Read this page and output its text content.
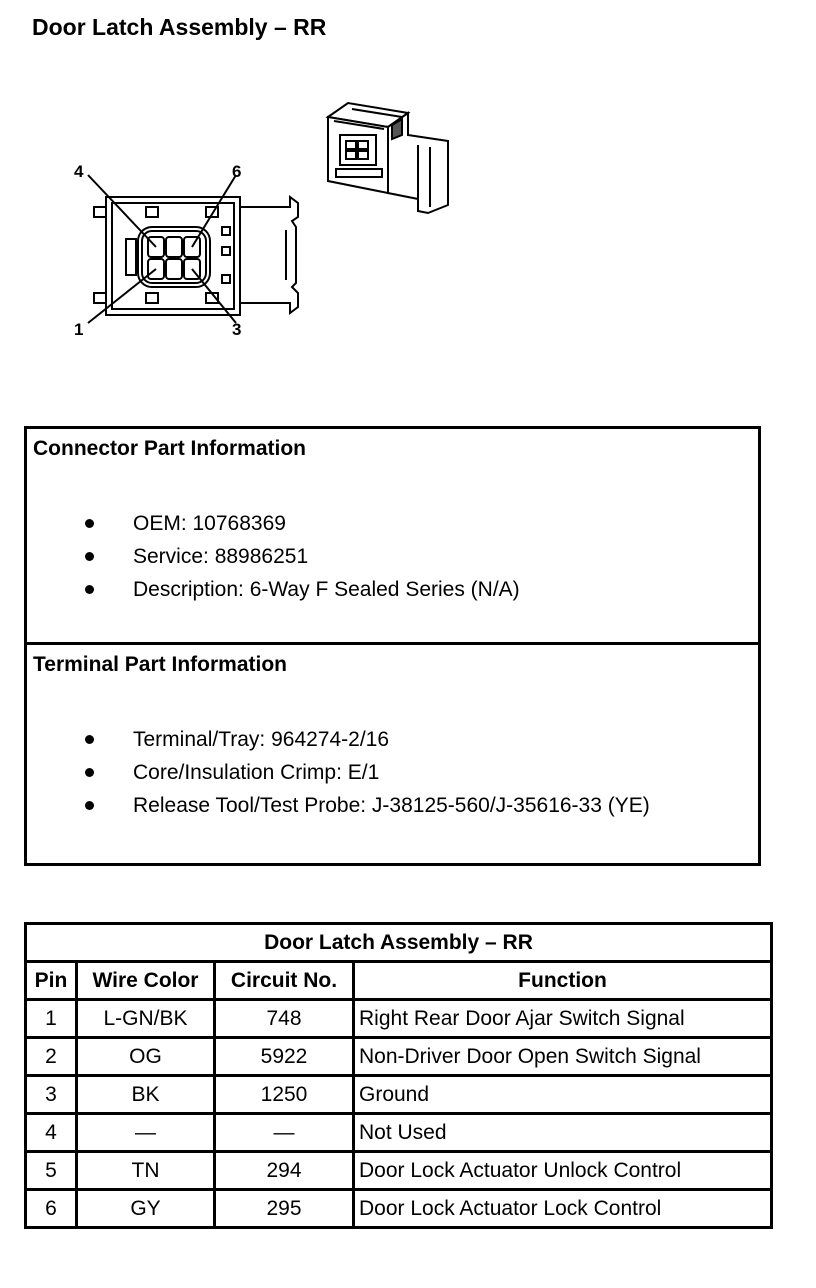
Door Latch Assembly – RR
4	6
1	3
Connector Part Information
OEM: 10768369
Service: 88986251
Description: 6-Way F Sealed Series (N/A)
Terminal Part Information
Terminal/Tray: 964274-2/16
Core/Insulation Crimp: E/1
Release Tool/Test Probe: J-38125-560/J-35616-33 (YE)
Door Latch Assembly – RR			
Pin	Wire Color	Circuit No.	Function
1	L-GN/BK	748	Right Rear Door Ajar Switch Signal
2	OG	5922	Non-Driver Door Open Switch Signal
3	BK	1250	Ground
4	—	—	Not Used
5	TN	294	Door Lock Actuator Unlock Control
6	GY	295	Door Lock Actuator Lock Control
